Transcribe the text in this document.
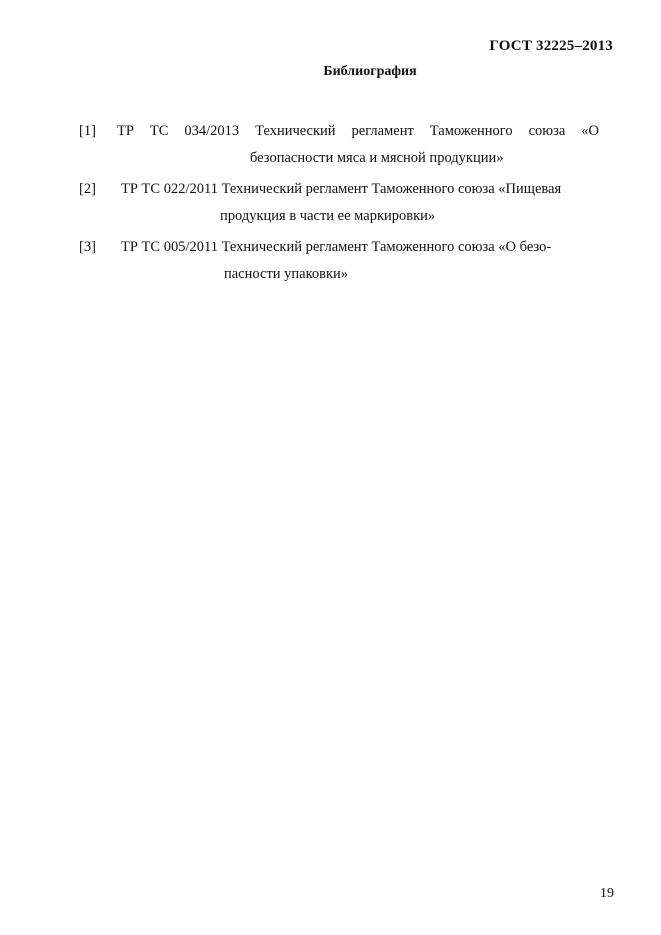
ГОСТ 32225–2013
Библиография
[1] ТР ТС 034/2013 Технический регламент Таможенного союза «О
безопасности мяса и мясной продукции»
[2] ТР ТС 022/2011 Технический регламент Таможенного союза «Пищевая
продукция в части ее маркировки»
[3] ТР ТС 005/2011 Технический регламент Таможенного союза «О безо-
пасности упаковки»
19
